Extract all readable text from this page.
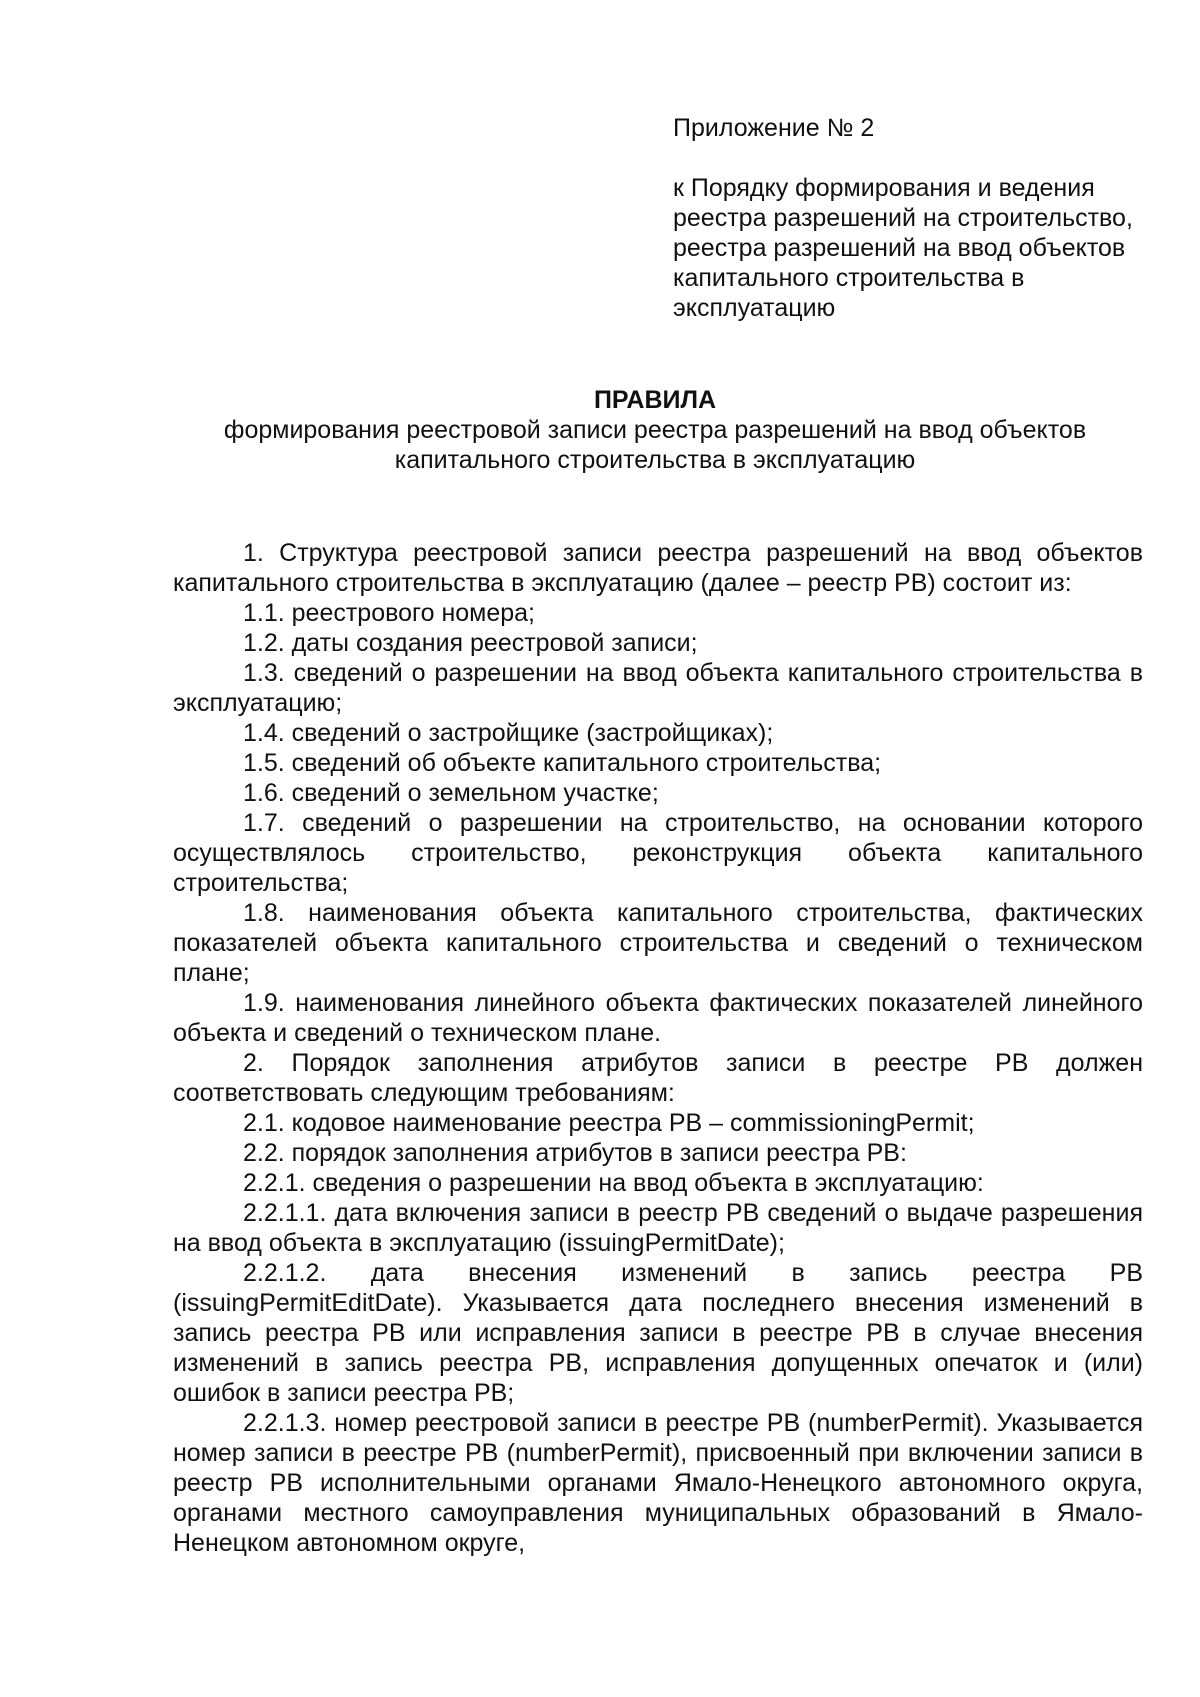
Приложение № 2

к Порядку формирования и ведения реестра разрешений на строительство, реестра разрешений на ввод объектов капитального строительства в эксплуатацию

ПРАВИЛА

формирования реестровой записи реестра разрешений на ввод объектов капитального строительства в эксплуатацию

1. Структура реестровой записи реестра разрешений на ввод объектов капитального строительства в эксплуатацию (далее – реестр РВ) состоит из:

1.1. реестрового номера;

1.2. даты создания реестровой записи;

1.3. сведений о разрешении на ввод объекта капитального строительства в эксплуатацию;

1.4. сведений о застройщике (застройщиках);

1.5. сведений об объекте капитального строительства;

1.6. сведений о земельном участке;

1.7. сведений о разрешении на строительство, на основании которого осуществлялось строительство, реконструкция объекта капитального строительства;

1.8. наименования объекта капитального строительства, фактических показателей объекта капитального строительства и сведений о техническом плане;

1.9. наименования линейного объекта фактических показателей линейного объекта и сведений о техническом плане.

2. Порядок заполнения атрибутов записи в реестре РВ должен соответствовать следующим требованиям:

2.1. кодовое наименование реестра РВ – commissioningPermit;

2.2. порядок заполнения атрибутов в записи реестра РВ:

2.2.1. сведения о разрешении на ввод объекта в эксплуатацию:

2.2.1.1. дата включения записи в реестр РВ сведений о выдаче разрешения на ввод объекта в эксплуатацию (issuingPermitDate);

2.2.1.2. дата внесения изменений в запись реестра РВ (issuingPermitEditDate). Указывается дата последнего внесения изменений в запись реестра РВ или исправления записи в реестре РВ в случае внесения изменений в запись реестра РВ, исправления допущенных опечаток и (или) ошибок в записи реестра РВ;

2.2.1.3. номер реестровой записи в реестре РВ (numberPermit). Указывается номер записи в реестре РВ (numberPermit), присвоенный при включении записи в реестр РВ исполнительными органами Ямало-Ненецкого автономного округа, органами местного самоуправления муниципальных образований в Ямало-Ненецком автономном округе,
